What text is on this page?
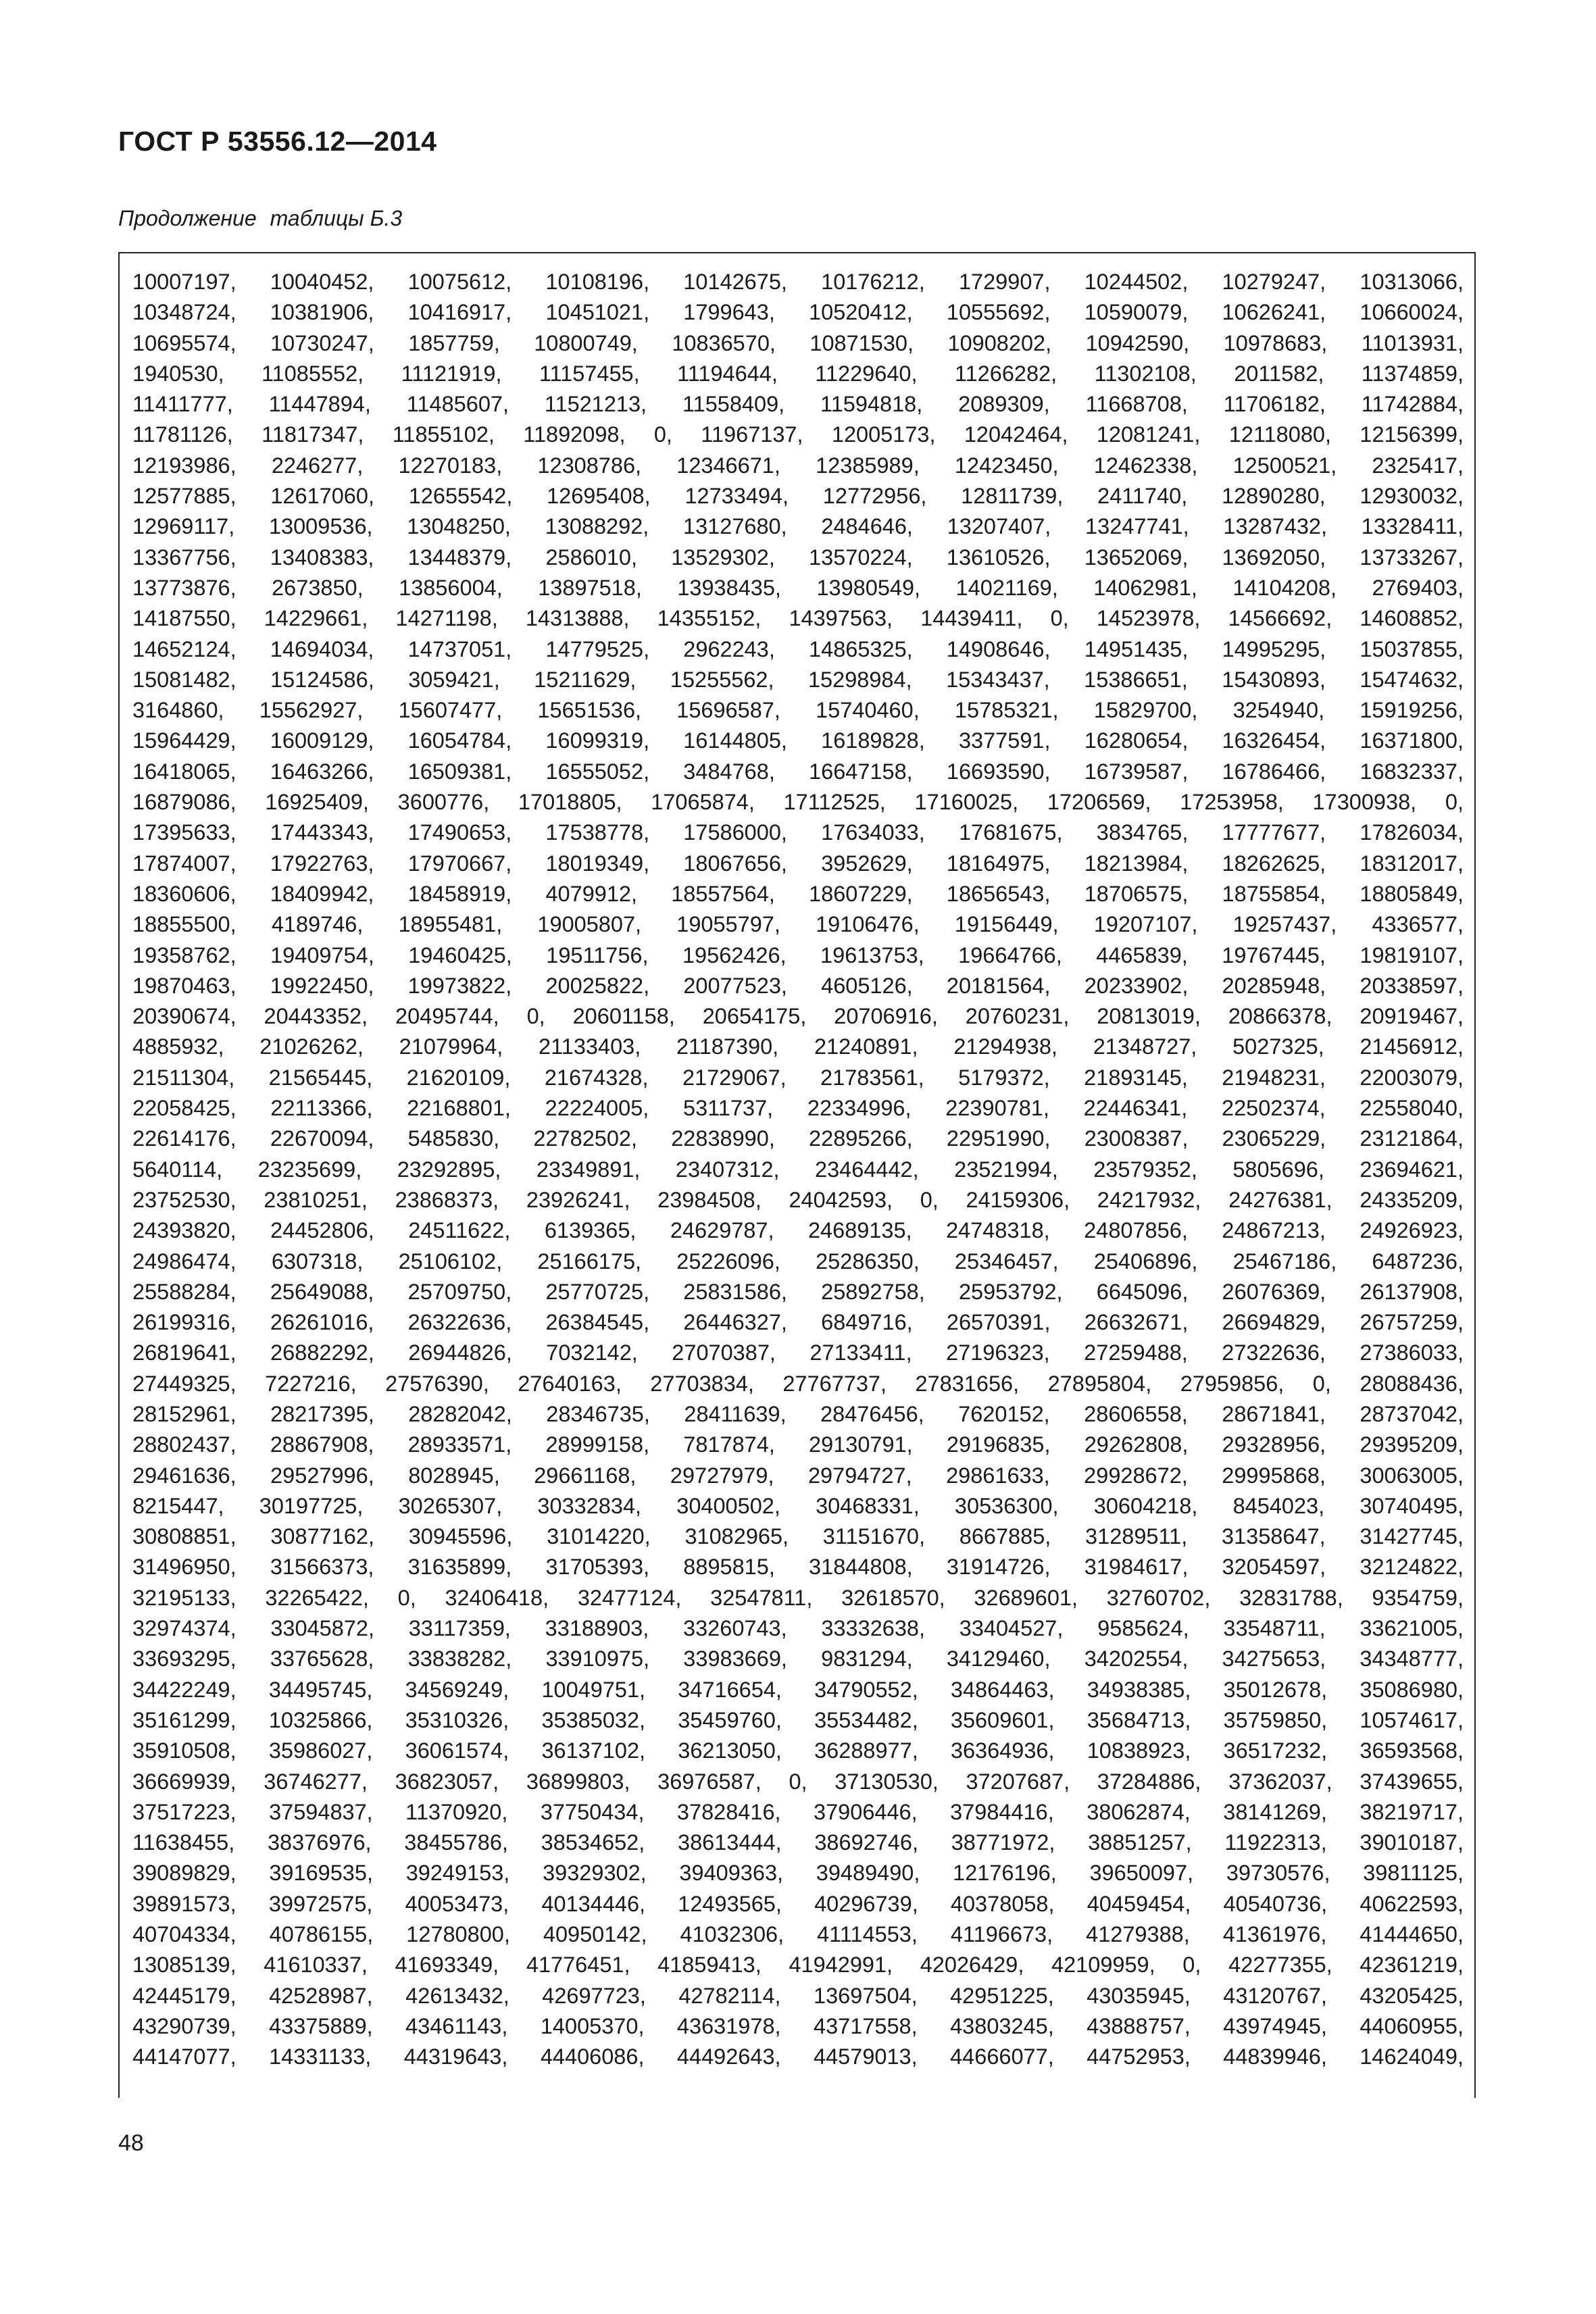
ГОСТ Р 53556.12—2014
Продолжение таблицы Б.3
10007197, 10040452, 10075612, 10108196, 10142675, 10176212, 1729907, 10244502, 10279247, 10313066,
10348724, 10381906, 10416917, 10451021, 1799643, 10520412, 10555692, 10590079, 10626241, 10660024,
10695574, 10730247, 1857759, 10800749, 10836570, 10871530, 10908202, 10942590, 10978683, 11013931,
1940530, 11085552, 11121919, 11157455, 11194644, 11229640, 11266282, 11302108, 2011582, 11374859,
11411777, 11447894, 11485607, 11521213, 11558409, 11594818, 2089309, 11668708, 11706182, 11742884,
11781126, 11817347, 11855102, 11892098, 0, 11967137, 12005173, 12042464, 12081241, 12118080, 12156399,
12193986, 2246277, 12270183, 12308786, 12346671, 12385989, 12423450, 12462338, 12500521, 2325417,
12577885, 12617060, 12655542, 12695408, 12733494, 12772956, 12811739, 2411740, 12890280, 12930032,
12969117, 13009536, 13048250, 13088292, 13127680, 2484646, 13207407, 13247741, 13287432, 13328411,
13367756, 13408383, 13448379, 2586010, 13529302, 13570224, 13610526, 13652069, 13692050, 13733267,
13773876, 2673850, 13856004, 13897518, 13938435, 13980549, 14021169, 14062981, 14104208, 2769403,
14187550, 14229661, 14271198, 14313888, 14355152, 14397563, 14439411, 0, 14523978, 14566692, 14608852,
14652124, 14694034, 14737051, 14779525, 2962243, 14865325, 14908646, 14951435, 14995295, 15037855,
15081482, 15124586, 3059421, 15211629, 15255562, 15298984, 15343437, 15386651, 15430893, 15474632,
3164860, 15562927, 15607477, 15651536, 15696587, 15740460, 15785321, 15829700, 3254940, 15919256,
15964429, 16009129, 16054784, 16099319, 16144805, 16189828, 3377591, 16280654, 16326454, 16371800,
16418065, 16463266, 16509381, 16555052, 3484768, 16647158, 16693590, 16739587, 16786466, 16832337,
16879086, 16925409, 3600776, 17018805, 17065874, 17112525, 17160025, 17206569, 17253958, 17300938, 0,
17395633, 17443343, 17490653, 17538778, 17586000, 17634033, 17681675, 3834765, 17777677, 17826034,
17874007, 17922763, 17970667, 18019349, 18067656, 3952629, 18164975, 18213984, 18262625, 18312017,
18360606, 18409942, 18458919, 4079912, 18557564, 18607229, 18656543, 18706575, 18755854, 18805849,
18855500, 4189746, 18955481, 19005807, 19055797, 19106476, 19156449, 19207107, 19257437, 4336577,
19358762, 19409754, 19460425, 19511756, 19562426, 19613753, 19664766, 4465839, 19767445, 19819107,
19870463, 19922450, 19973822, 20025822, 20077523, 4605126, 20181564, 20233902, 20285948, 20338597,
20390674, 20443352, 20495744, 0, 20601158, 20654175, 20706916, 20760231, 20813019, 20866378, 20919467,
4885932, 21026262, 21079964, 21133403, 21187390, 21240891, 21294938, 21348727, 5027325, 21456912,
21511304, 21565445, 21620109, 21674328, 21729067, 21783561, 5179372, 21893145, 21948231, 22003079,
22058425, 22113366, 22168801, 22224005, 5311737, 22334996, 22390781, 22446341, 22502374, 22558040,
22614176, 22670094, 5485830, 22782502, 22838990, 22895266, 22951990, 23008387, 23065229, 23121864,
5640114, 23235699, 23292895, 23349891, 23407312, 23464442, 23521994, 23579352, 5805696, 23694621,
23752530, 23810251, 23868373, 23926241, 23984508, 24042593, 0, 24159306, 24217932, 24276381, 24335209,
24393820, 24452806, 24511622, 6139365, 24629787, 24689135, 24748318, 24807856, 24867213, 24926923,
24986474, 6307318, 25106102, 25166175, 25226096, 25286350, 25346457, 25406896, 25467186, 6487236,
25588284, 25649088, 25709750, 25770725, 25831586, 25892758, 25953792, 6645096, 26076369, 26137908,
26199316, 26261016, 26322636, 26384545, 26446327, 6849716, 26570391, 26632671, 26694829, 26757259,
26819641, 26882292, 26944826, 7032142, 27070387, 27133411, 27196323, 27259488, 27322636, 27386033,
27449325, 7227216, 27576390, 27640163, 27703834, 27767737, 27831656, 27895804, 27959856, 0, 28088436,
28152961, 28217395, 28282042, 28346735, 28411639, 28476456, 7620152, 28606558, 28671841, 28737042,
28802437, 28867908, 28933571, 28999158, 7817874, 29130791, 29196835, 29262808, 29328956, 29395209,
29461636, 29527996, 8028945, 29661168, 29727979, 29794727, 29861633, 29928672, 29995868, 30063005,
8215447, 30197725, 30265307, 30332834, 30400502, 30468331, 30536300, 30604218, 8454023, 30740495,
30808851, 30877162, 30945596, 31014220, 31082965, 31151670, 8667885, 31289511, 31358647, 31427745,
31496950, 31566373, 31635899, 31705393, 8895815, 31844808, 31914726, 31984617, 32054597, 32124822,
32195133, 32265422, 0, 32406418, 32477124, 32547811, 32618570, 32689601, 32760702, 32831788, 9354759,
32974374, 33045872, 33117359, 33188903, 33260743, 33332638, 33404527, 9585624, 33548711, 33621005,
33693295, 33765628, 33838282, 33910975, 33983669, 9831294, 34129460, 34202554, 34275653, 34348777,
34422249, 34495745, 34569249, 10049751, 34716654, 34790552, 34864463, 34938385, 35012678, 35086980,
35161299, 10325866, 35310326, 35385032, 35459760, 35534482, 35609601, 35684713, 35759850, 10574617,
35910508, 35986027, 36061574, 36137102, 36213050, 36288977, 36364936, 10838923, 36517232, 36593568,
36669939, 36746277, 36823057, 36899803, 36976587, 0, 37130530, 37207687, 37284886, 37362037, 37439655,
37517223, 37594837, 11370920, 37750434, 37828416, 37906446, 37984416, 38062874, 38141269, 38219717,
11638455, 38376976, 38455786, 38534652, 38613444, 38692746, 38771972, 38851257, 11922313, 39010187,
39089829, 39169535, 39249153, 39329302, 39409363, 39489490, 12176196, 39650097, 39730576, 39811125,
39891573, 39972575, 40053473, 40134446, 12493565, 40296739, 40378058, 40459454, 40540736, 40622593,
40704334, 40786155, 12780800, 40950142, 41032306, 41114553, 41196673, 41279388, 41361976, 41444650,
13085139, 41610337, 41693349, 41776451, 41859413, 41942991, 42026429, 42109959, 0, 42277355, 42361219,
42445179, 42528987, 42613432, 42697723, 42782114, 13697504, 42951225, 43035945, 43120767, 43205425,
43290739, 43375889, 43461143, 14005370, 43631978, 43717558, 43803245, 43888757, 43974945, 44060955,
44147077, 14331133, 44319643, 44406086, 44492643, 44579013, 44666077, 44752953, 44839946, 14624049,
48
